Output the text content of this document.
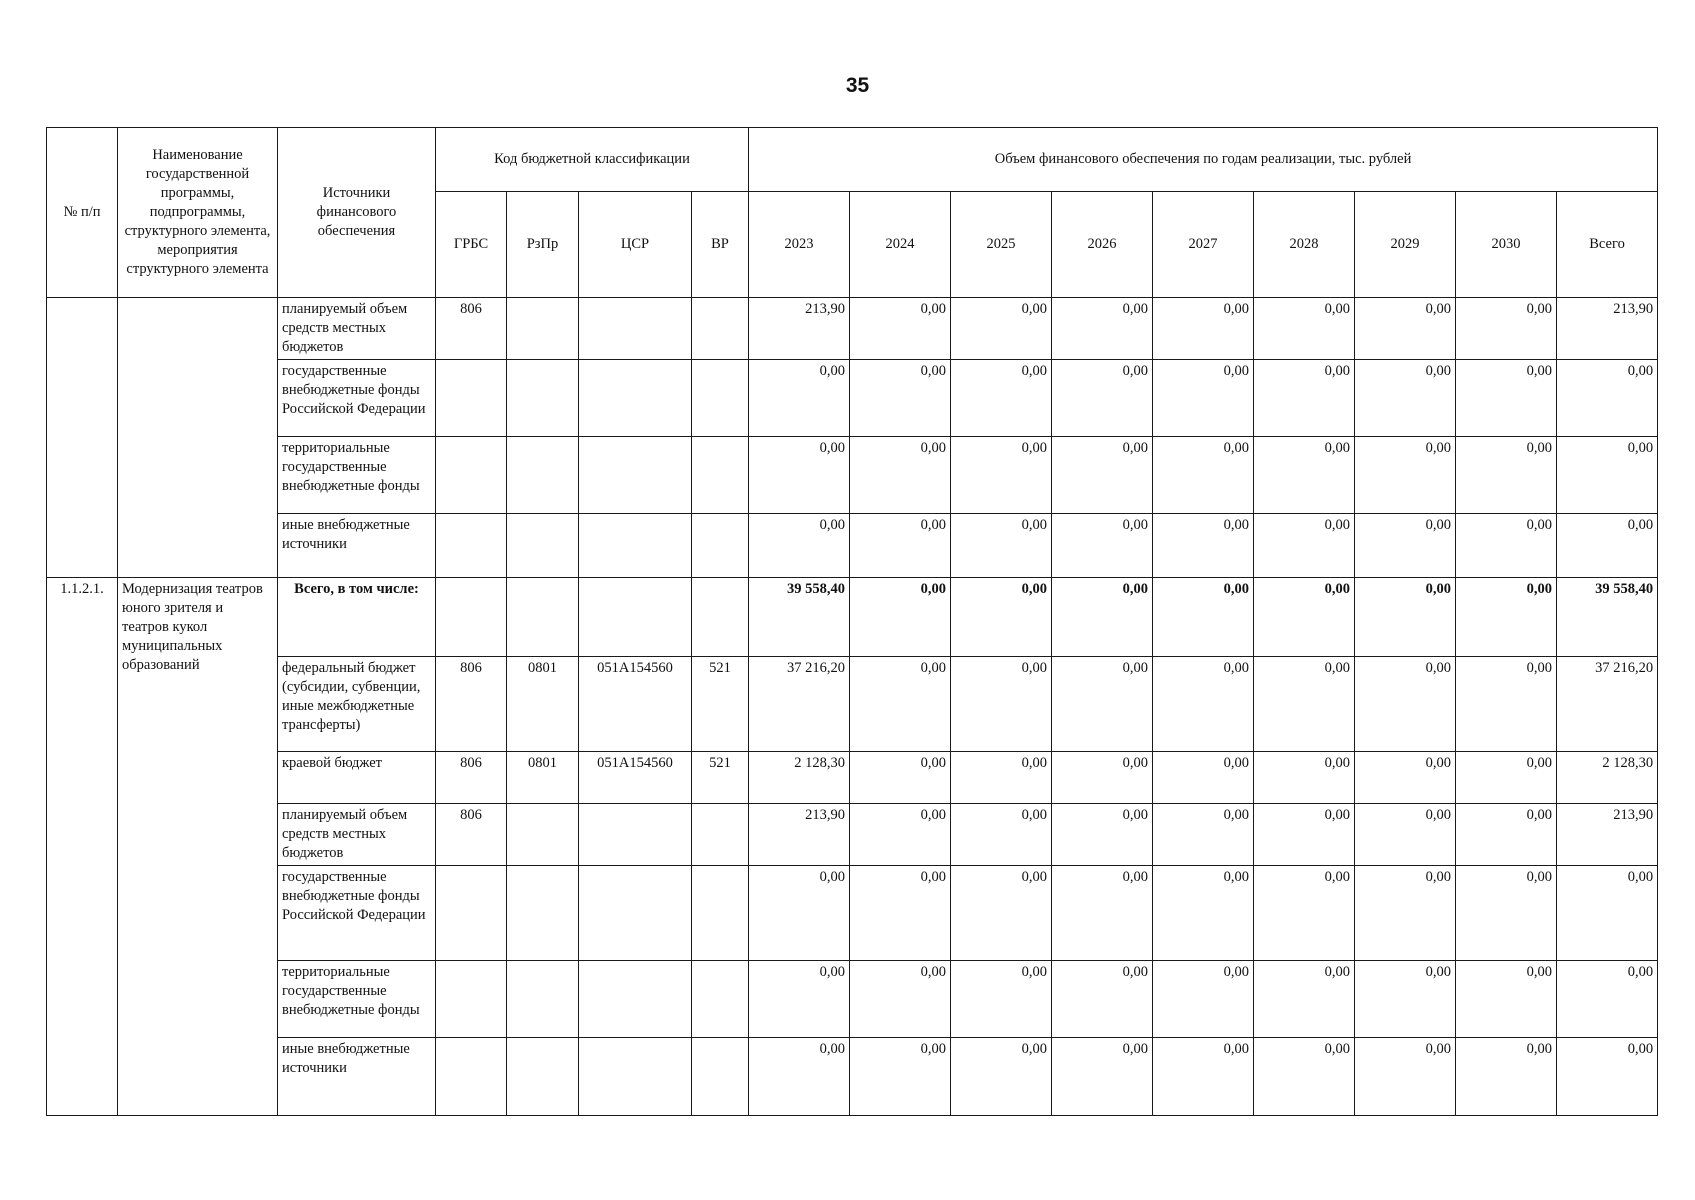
35
№ п/п	Наименование государственной программы, подпрограммы, структурного элемента, мероприятия структурного элемента	Источники финансового обеспечения	Код бюджетной классификации				Объем финансового обеспечения по годам реализации, тыс. рублей								
			ГРБС	РзПр	ЦСР	ВР	2023	2024	2025	2026	2027	2028	2029	2030	Всего
		планируемый объем средств местных бюджетов	806				213,90	0,00	0,00	0,00	0,00	0,00	0,00	0,00	213,90
		государственные внебюджетные фонды Российской Федерации					0,00	0,00	0,00	0,00	0,00	0,00	0,00	0,00	0,00
		территориальные государственные внебюджетные фонды					0,00	0,00	0,00	0,00	0,00	0,00	0,00	0,00	0,00
		иные внебюджетные источники					0,00	0,00	0,00	0,00	0,00	0,00	0,00	0,00	0,00
1.1.2.1.	Модернизация театров юного зрителя и театров кукол муниципальных образований	Всего, в том числе:					39 558,40	0,00	0,00	0,00	0,00	0,00	0,00	0,00	39 558,40
		федеральный бюджет (субсидии, субвенции, иные межбюджетные трансферты)	806	0801	051A154560	521	37 216,20	0,00	0,00	0,00	0,00	0,00	0,00	0,00	37 216,20
		краевой бюджет	806	0801	051A154560	521	2 128,30	0,00	0,00	0,00	0,00	0,00	0,00	0,00	2 128,30
		планируемый объем средств местных бюджетов	806				213,90	0,00	0,00	0,00	0,00	0,00	0,00	0,00	213,90
		государственные внебюджетные фонды Российской Федерации					0,00	0,00	0,00	0,00	0,00	0,00	0,00	0,00	0,00
		территориальные государственные внебюджетные фонды					0,00	0,00	0,00	0,00	0,00	0,00	0,00	0,00	0,00
		иные внебюджетные источники					0,00	0,00	0,00	0,00	0,00	0,00	0,00	0,00	0,00
